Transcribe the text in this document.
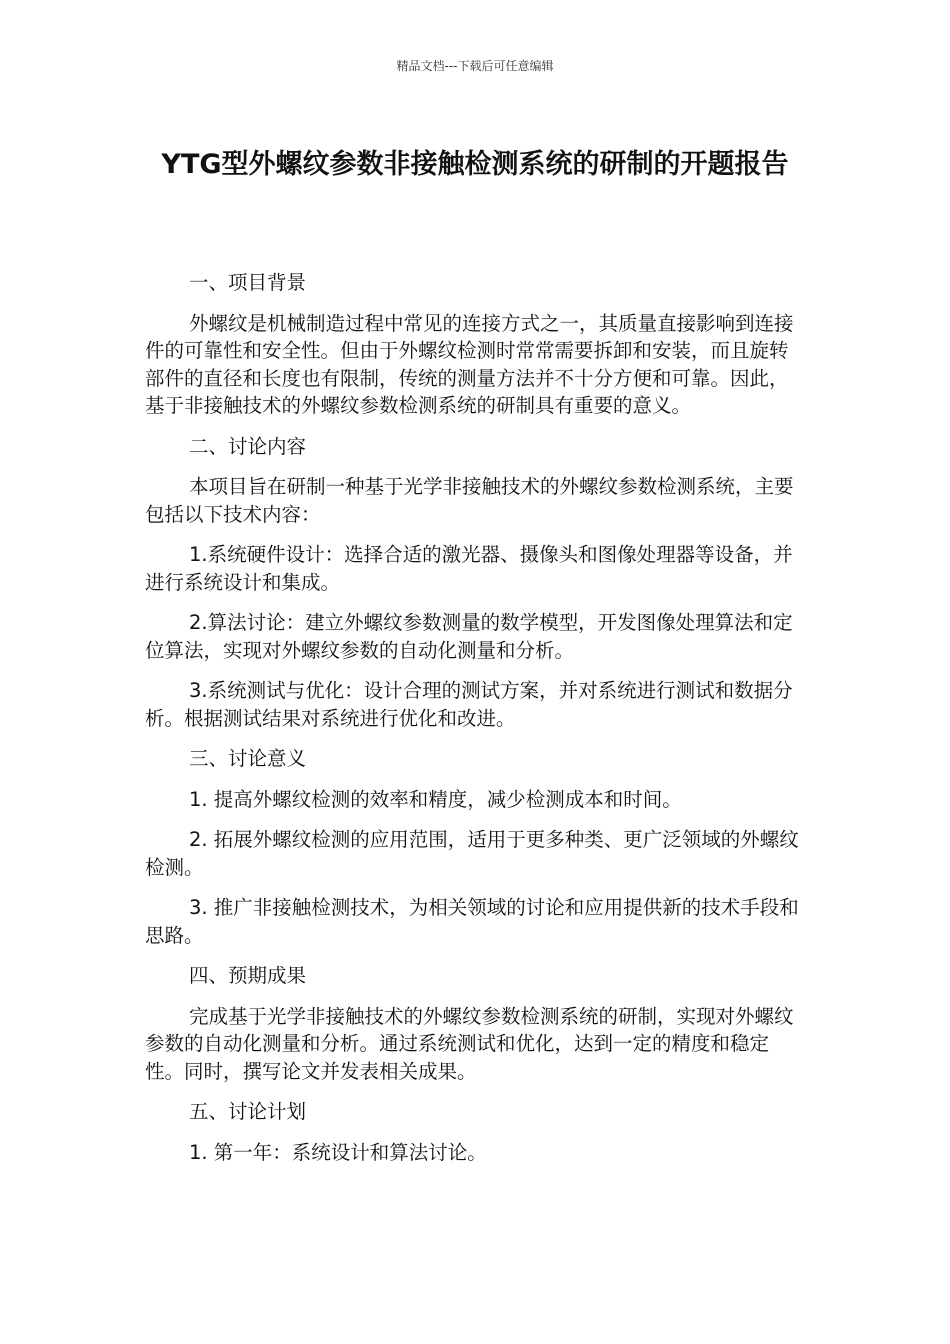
精品文档---下载后可任意编辑
YTG型外螺纹参数非接触检测系统的研制的开题报告

一、项目背景

外螺纹是机械制造过程中常见的连接方式之一，其质量直接影响到连接件的可靠性和安全性。但由于外螺纹检测时常常需要拆卸和安装，而且旋转部件的直径和长度也有限制，传统的测量方法并不十分方便和可靠。因此，基于非接触技术的外螺纹参数检测系统的研制具有重要的意义。

二、讨论内容

本项目旨在研制一种基于光学非接触技术的外螺纹参数检测系统，主要包括以下技术内容：

1.系统硬件设计：选择合适的激光器、摄像头和图像处理器等设备，并进行系统设计和集成。

2.算法讨论：建立外螺纹参数测量的数学模型，开发图像处理算法和定位算法，实现对外螺纹参数的自动化测量和分析。

3.系统测试与优化：设计合理的测试方案，并对系统进行测试和数据分析。根据测试结果对系统进行优化和改进。

三、讨论意义

1. 提高外螺纹检测的效率和精度，减少检测成本和时间。

2. 拓展外螺纹检测的应用范围，适用于更多种类、更广泛领域的外螺纹检测。

3. 推广非接触检测技术，为相关领域的讨论和应用提供新的技术手段和思路。

四、预期成果

完成基于光学非接触技术的外螺纹参数检测系统的研制，实现对外螺纹参数的自动化测量和分析。通过系统测试和优化，达到一定的精度和稳定性。同时，撰写论文并发表相关成果。

五、讨论计划

1. 第一年：系统设计和算法讨论。
